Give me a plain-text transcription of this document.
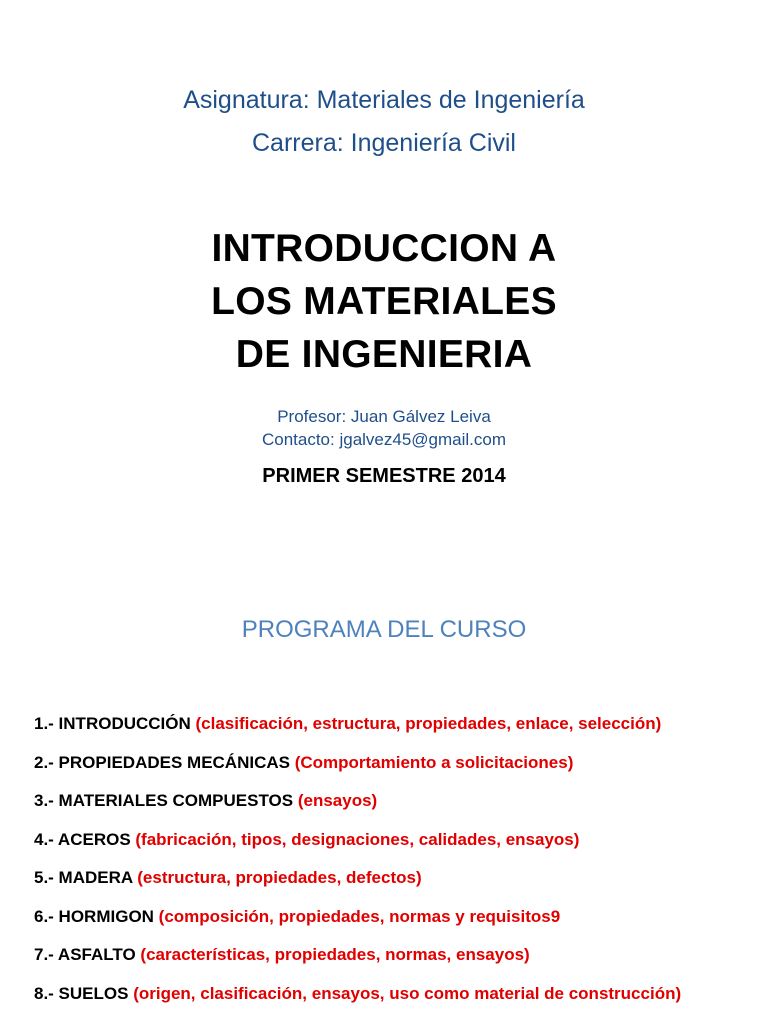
Asignatura: Materiales de Ingeniería
Carrera: Ingeniería Civil
INTRODUCCION A
LOS MATERIALES
DE INGENIERIA
Profesor: Juan Gálvez Leiva
Contacto: jgalvez45@gmail.com
PRIMER SEMESTRE 2014
PROGRAMA DEL CURSO
1.- INTRODUCCIÓN (clasificación, estructura, propiedades, enlace, selección)
2.- PROPIEDADES MECÁNICAS (Comportamiento a solicitaciones)
3.- MATERIALES COMPUESTOS (ensayos)
4.- ACEROS (fabricación, tipos, designaciones, calidades, ensayos)
5.- MADERA (estructura, propiedades, defectos)
6.- HORMIGON (composición, propiedades, normas y requisitos9
7.- ASFALTO (características, propiedades, normas, ensayos)
8.- SUELOS (origen, clasificación, ensayos, uso como material de construcción)
